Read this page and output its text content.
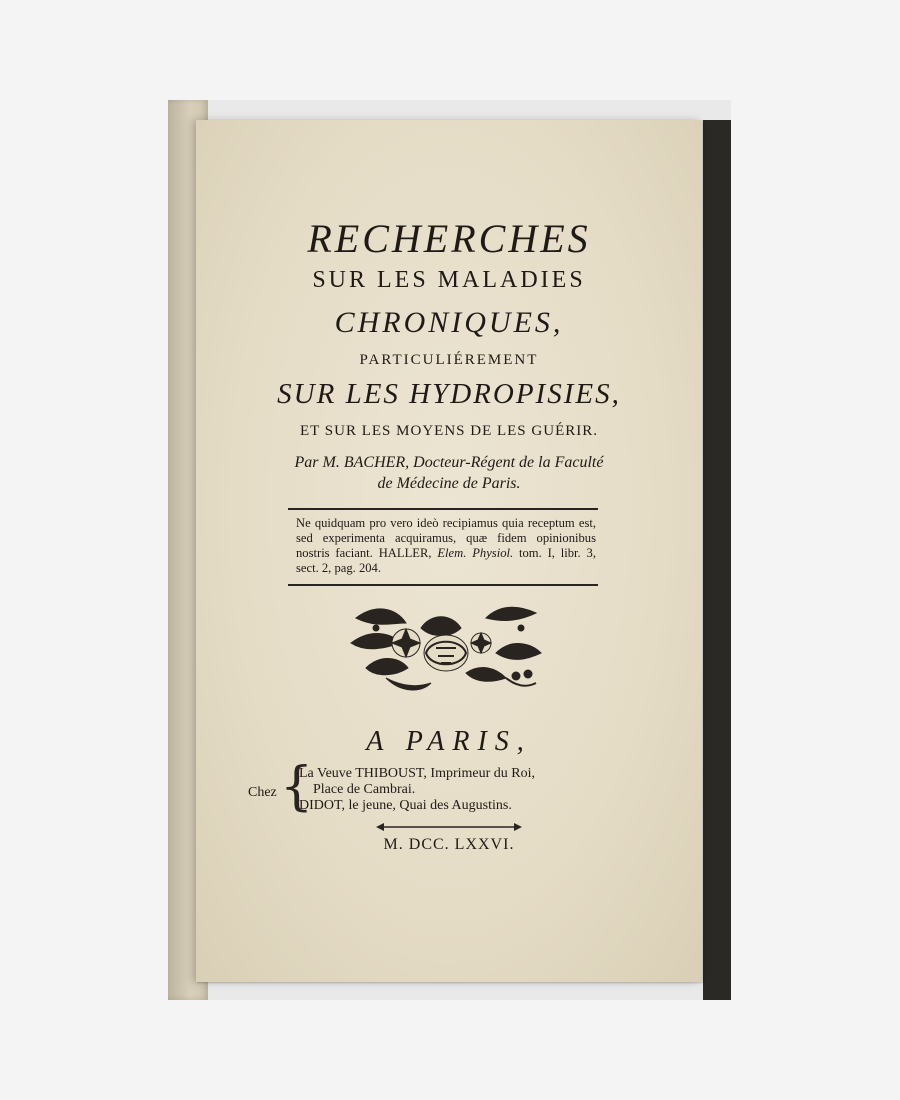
RECHERCHES
SUR LES MALADIES
CHRONIQUES,
PARTICULIÉREMENT
SUR LES HYDROPISIES,
ET SUR LES MOYENS DE LES GUÉRIR.
Par M. BACHER, Docteur-Régent de la Faculté
de Médecine de Paris.
Ne quidquam pro vero ideò recipiamus quia receptum est, sed experimenta acquiramus, quæ fidem opinionibus nostris faciant. HALLER, Elem. Physiol. tom. I, libr. 3, sect. 2, pag. 204.
A PARIS,
Chez {
La Veuve THIBOUST, Imprimeur du Roi,
Place de Cambrai.
DIDOT, le jeune, Quai des Augustins.
M. DCC. LXXVI.
